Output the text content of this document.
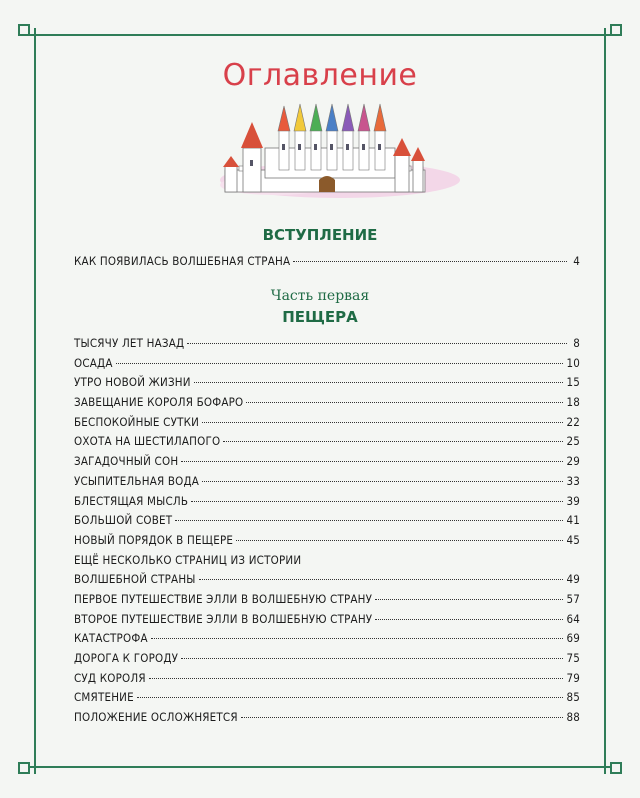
Оглавление
ВСТУПЛЕНИЕ
КАК ПОЯВИЛАСЬ ВОЛШЕБНАЯ СТРАНА	4
Часть первая
ПЕЩЕРА
ТЫСЯЧУ ЛЕТ НАЗАД	8
ОСАДА	10
УТРО НОВОЙ ЖИЗНИ	15
ЗАВЕЩАНИЕ КОРОЛЯ БОФАРО	18
БЕСПОКОЙНЫЕ СУТКИ	22
ОХОТА НА ШЕСТИЛАПОГО	25
ЗАГАДОЧНЫЙ СОН	29
УСЫПИТЕЛЬНАЯ ВОДА	33
БЛЕСТЯЩАЯ МЫСЛЬ	39
БОЛЬШОЙ СОВЕТ	41
НОВЫЙ ПОРЯДОК В ПЕЩЕРЕ	45
ЕЩЁ НЕСКОЛЬКО СТРАНИЦ ИЗ ИСТОРИИ
ВОЛШЕБНОЙ СТРАНЫ	49
ПЕРВОЕ ПУТЕШЕСТВИЕ ЭЛЛИ В ВОЛШЕБНУЮ СТРАНУ	57
ВТОРОЕ ПУТЕШЕСТВИЕ ЭЛЛИ В ВОЛШЕБНУЮ СТРАНУ	64
КАТАСТРОФА	69
ДОРОГА К ГОРОДУ	75
СУД КОРОЛЯ	79
СМЯТЕНИЕ	85
ПОЛОЖЕНИЕ ОСЛОЖНЯЕТСЯ	88
